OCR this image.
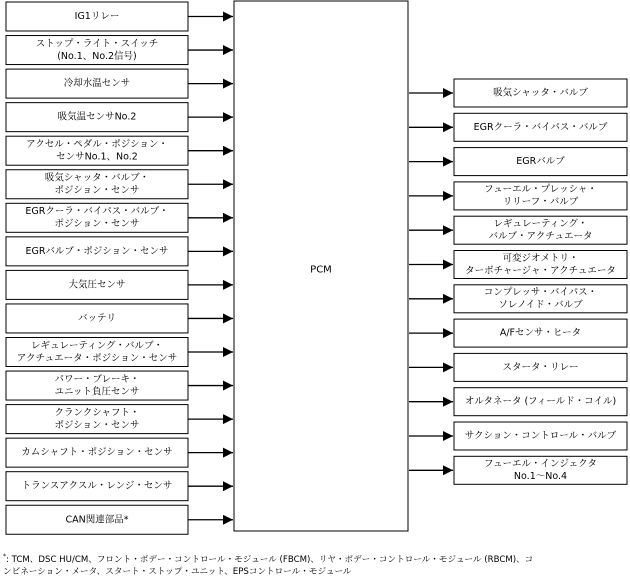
PCM
IG1リレー
ストップ・ライト・スイッチ
(No.1、No.2信号)
冷却水温センサ
吸気温センサNo.2
アクセル・ペダル・ポジション・
センサNo.1、No.2
吸気シャッタ・バルブ・
ポジション・センサ
EGRクーラ・バイパス・バルブ・
ポジション・センサ
EGRバルブ・ポジション・センサ
大気圧センサ
バッテリ
レギュレーティング・バルブ・
アクチュエータ・ポジション・センサ
パワー・ブレーキ・
ユニット負圧センサ
クランクシャフト・
ポジション・センサ
カムシャフト・ポジション・センサ
トランスアクスル・レンジ・センサ
CAN関連部品*
吸気シャッタ・バルブ
EGRクーラ・バイパス・バルブ
EGRバルブ
フューエル・プレッシャ・
リリーフ・バルブ
レギュレーティング・
バルブ・アクチュエータ
可変ジオメトリ・
ターボチャージャ・アクチュエータ
コンプレッサ・バイパス・
ソレノイド・バルブ
A/Fセンサ・ヒータ
スタータ・リレー
オルタネータ (フィールド・コイル)
サクション・コントロール・バルブ
フューエル・インジェクタ
No.1～No.4
*: TCM、DSC HU/CM、フロント・ボデー・コントロール・モジュール (FBCM)、リヤ・ボデー・コントロール・モジュール (RBCM)、コ
ンビネーション・メータ、スタート・ストップ・ユニット、EPSコントロール・モジュール
